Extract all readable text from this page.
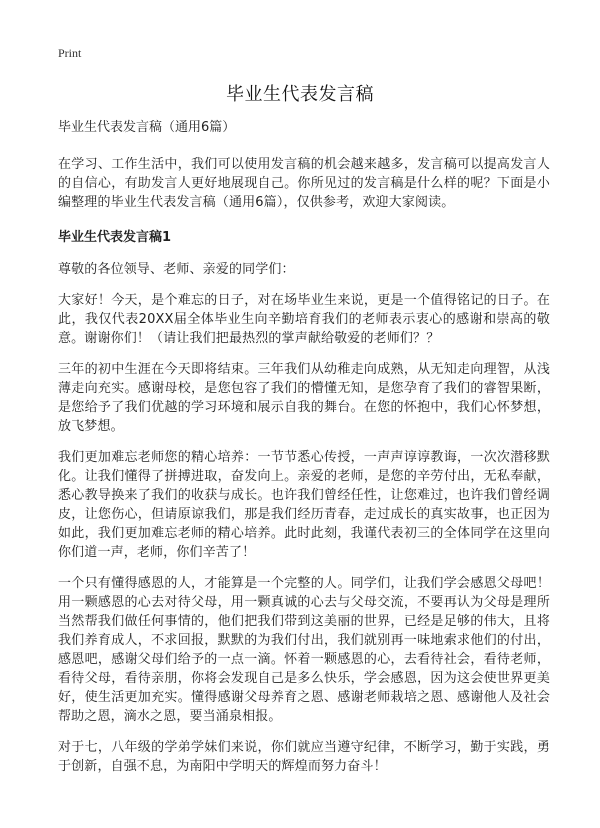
Print
毕业生代表发言稿
毕业生代表发言稿（通用6篇）

在学习、工作生活中，我们可以使用发言稿的机会越来越多，发言稿可以提高发言人的自信心，有助发言人更好地展现自己。你所见过的发言稿是什么样的呢？下面是小编整理的毕业生代表发言稿（通用6篇），仅供参考，欢迎大家阅读。

毕业生代表发言稿1

尊敬的各位领导、老师、亲爱的同学们：

大家好！今天，是个难忘的日子，对在场毕业生来说，更是一个值得铭记的日子。在此，我仅代表20XX届全体毕业生向辛勤培育我们的老师表示衷心的感谢和崇高的敬意。谢谢你们！（请让我们把最热烈的掌声献给敬爱的老师们？？

三年的初中生涯在今天即将结束。三年我们从幼稚走向成熟，从无知走向理智，从浅薄走向充实。感谢母校，是您包容了我们的懵懂无知，是您孕育了我们的睿智果断，是您给予了我们优越的学习环境和展示自我的舞台。在您的怀抱中，我们心怀梦想，放飞梦想。

我们更加难忘老师您的精心培养：一节节悉心传授，一声声谆谆教诲，一次次潜移默化。让我们懂得了拼搏进取，奋发向上。亲爱的老师，是您的辛劳付出，无私奉献，悉心教导换来了我们的收获与成长。也许我们曾经任性，让您难过，也许我们曾经调皮，让您伤心，但请原谅我们，那是我们经历青春，走过成长的真实故事，也正因为如此，我们更加难忘老师的精心培养。此时此刻，我谨代表初三的全体同学在这里向你们道一声，老师，你们辛苦了！

一个只有懂得感恩的人，才能算是一个完整的人。同学们，让我们学会感恩父母吧！用一颗感恩的心去对待父母，用一颗真诚的心去与父母交流，不要再认为父母是理所当然帮我们做任何事情的，他们把我们带到这美丽的世界，已经是足够的伟大，且将我们养育成人，不求回报，默默的为我们付出，我们就别再一味地索求他们的付出，感恩吧，感谢父母们给予的一点一滴。怀着一颗感恩的心，去看待社会，看待老师，看待父母，看待亲朋，你将会发现自己是多么快乐，学会感恩，因为这会使世界更美好，使生活更加充实。懂得感谢父母养育之恩、感谢老师栽培之恩、感谢他人及社会帮助之恩，滴水之恩，要当涌泉相报。

对于七，八年级的学弟学妹们来说，你们就应当遵守纪律，不断学习，勤于实践，勇于创新，自强不息，为南阳中学明天的辉煌而努力奋斗！
